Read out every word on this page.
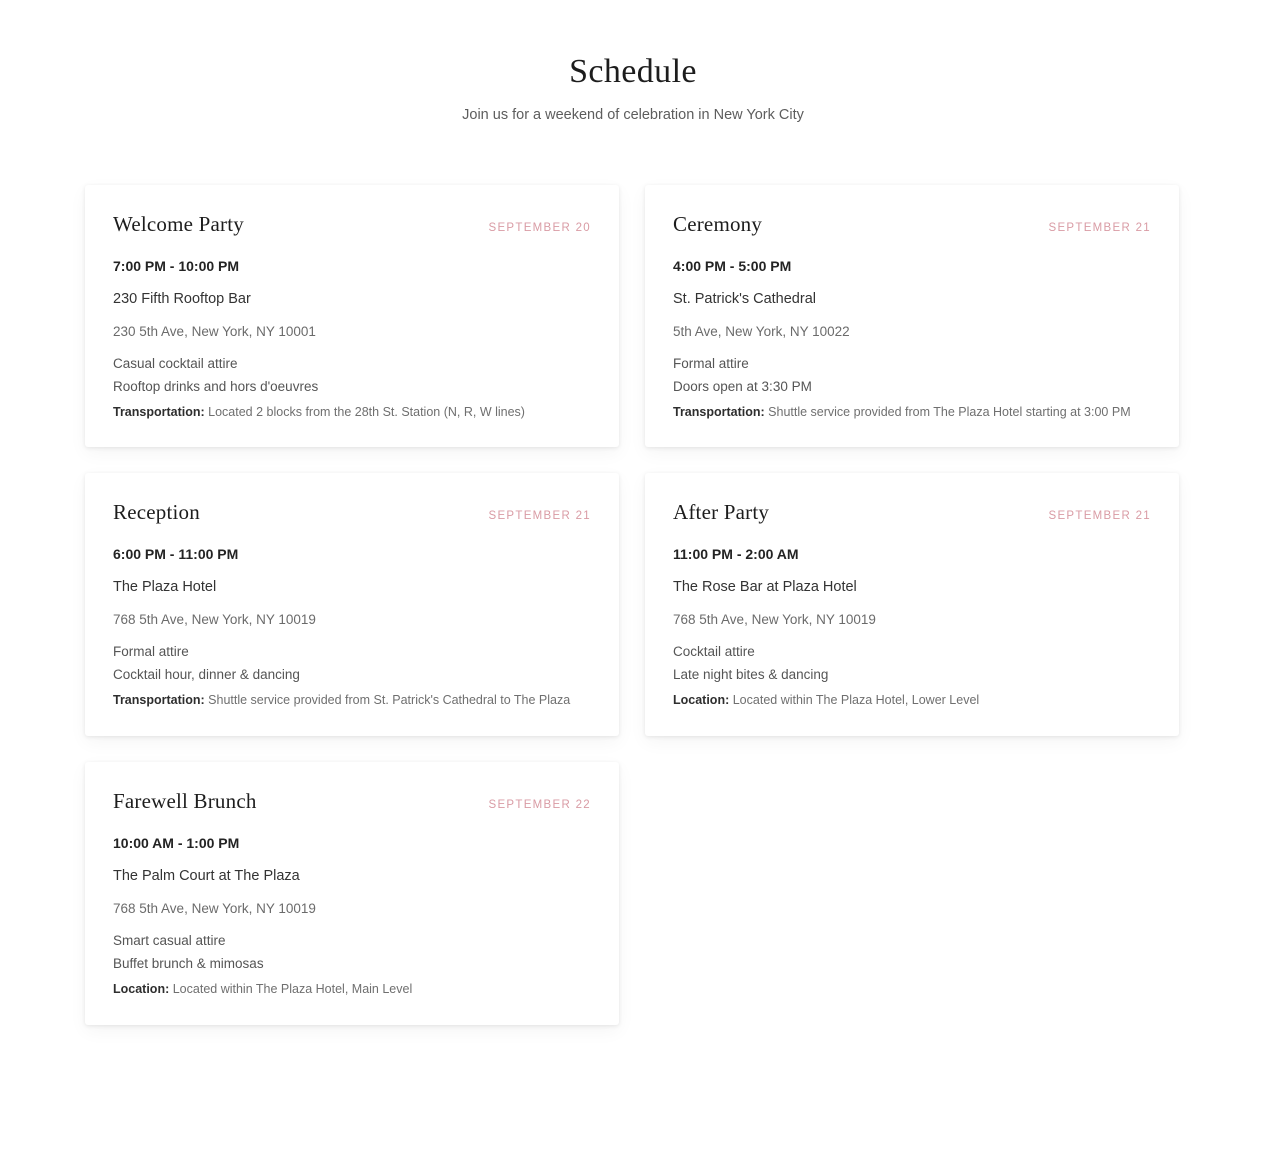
Schedule

Join us for a weekend of celebration in New York City

Welcome Party	SEPTEMBER 20
7:00 PM - 10:00 PM
230 Fifth Rooftop Bar
230 5th Ave, New York, NY 10001
Casual cocktail attire
Rooftop drinks and hors d'oeuvres
Transportation: Located 2 blocks from the 28th St. Station (N, R, W lines)
Ceremony	SEPTEMBER 21
4:00 PM - 5:00 PM
St. Patrick's Cathedral
5th Ave, New York, NY 10022
Formal attire
Doors open at 3:30 PM
Transportation: Shuttle service provided from The Plaza Hotel starting at 3:00 PM
Reception	SEPTEMBER 21
6:00 PM - 11:00 PM
The Plaza Hotel
768 5th Ave, New York, NY 10019
Formal attire
Cocktail hour, dinner & dancing
Transportation: Shuttle service provided from St. Patrick's Cathedral to The Plaza
After Party	SEPTEMBER 21
11:00 PM - 2:00 AM
The Rose Bar at Plaza Hotel
768 5th Ave, New York, NY 10019
Cocktail attire
Late night bites & dancing
Location: Located within The Plaza Hotel, Lower Level
Farewell Brunch	SEPTEMBER 22
10:00 AM - 1:00 PM
The Palm Court at The Plaza
768 5th Ave, New York, NY 10019
Smart casual attire
Buffet brunch & mimosas
Location: Located within The Plaza Hotel, Main Level
